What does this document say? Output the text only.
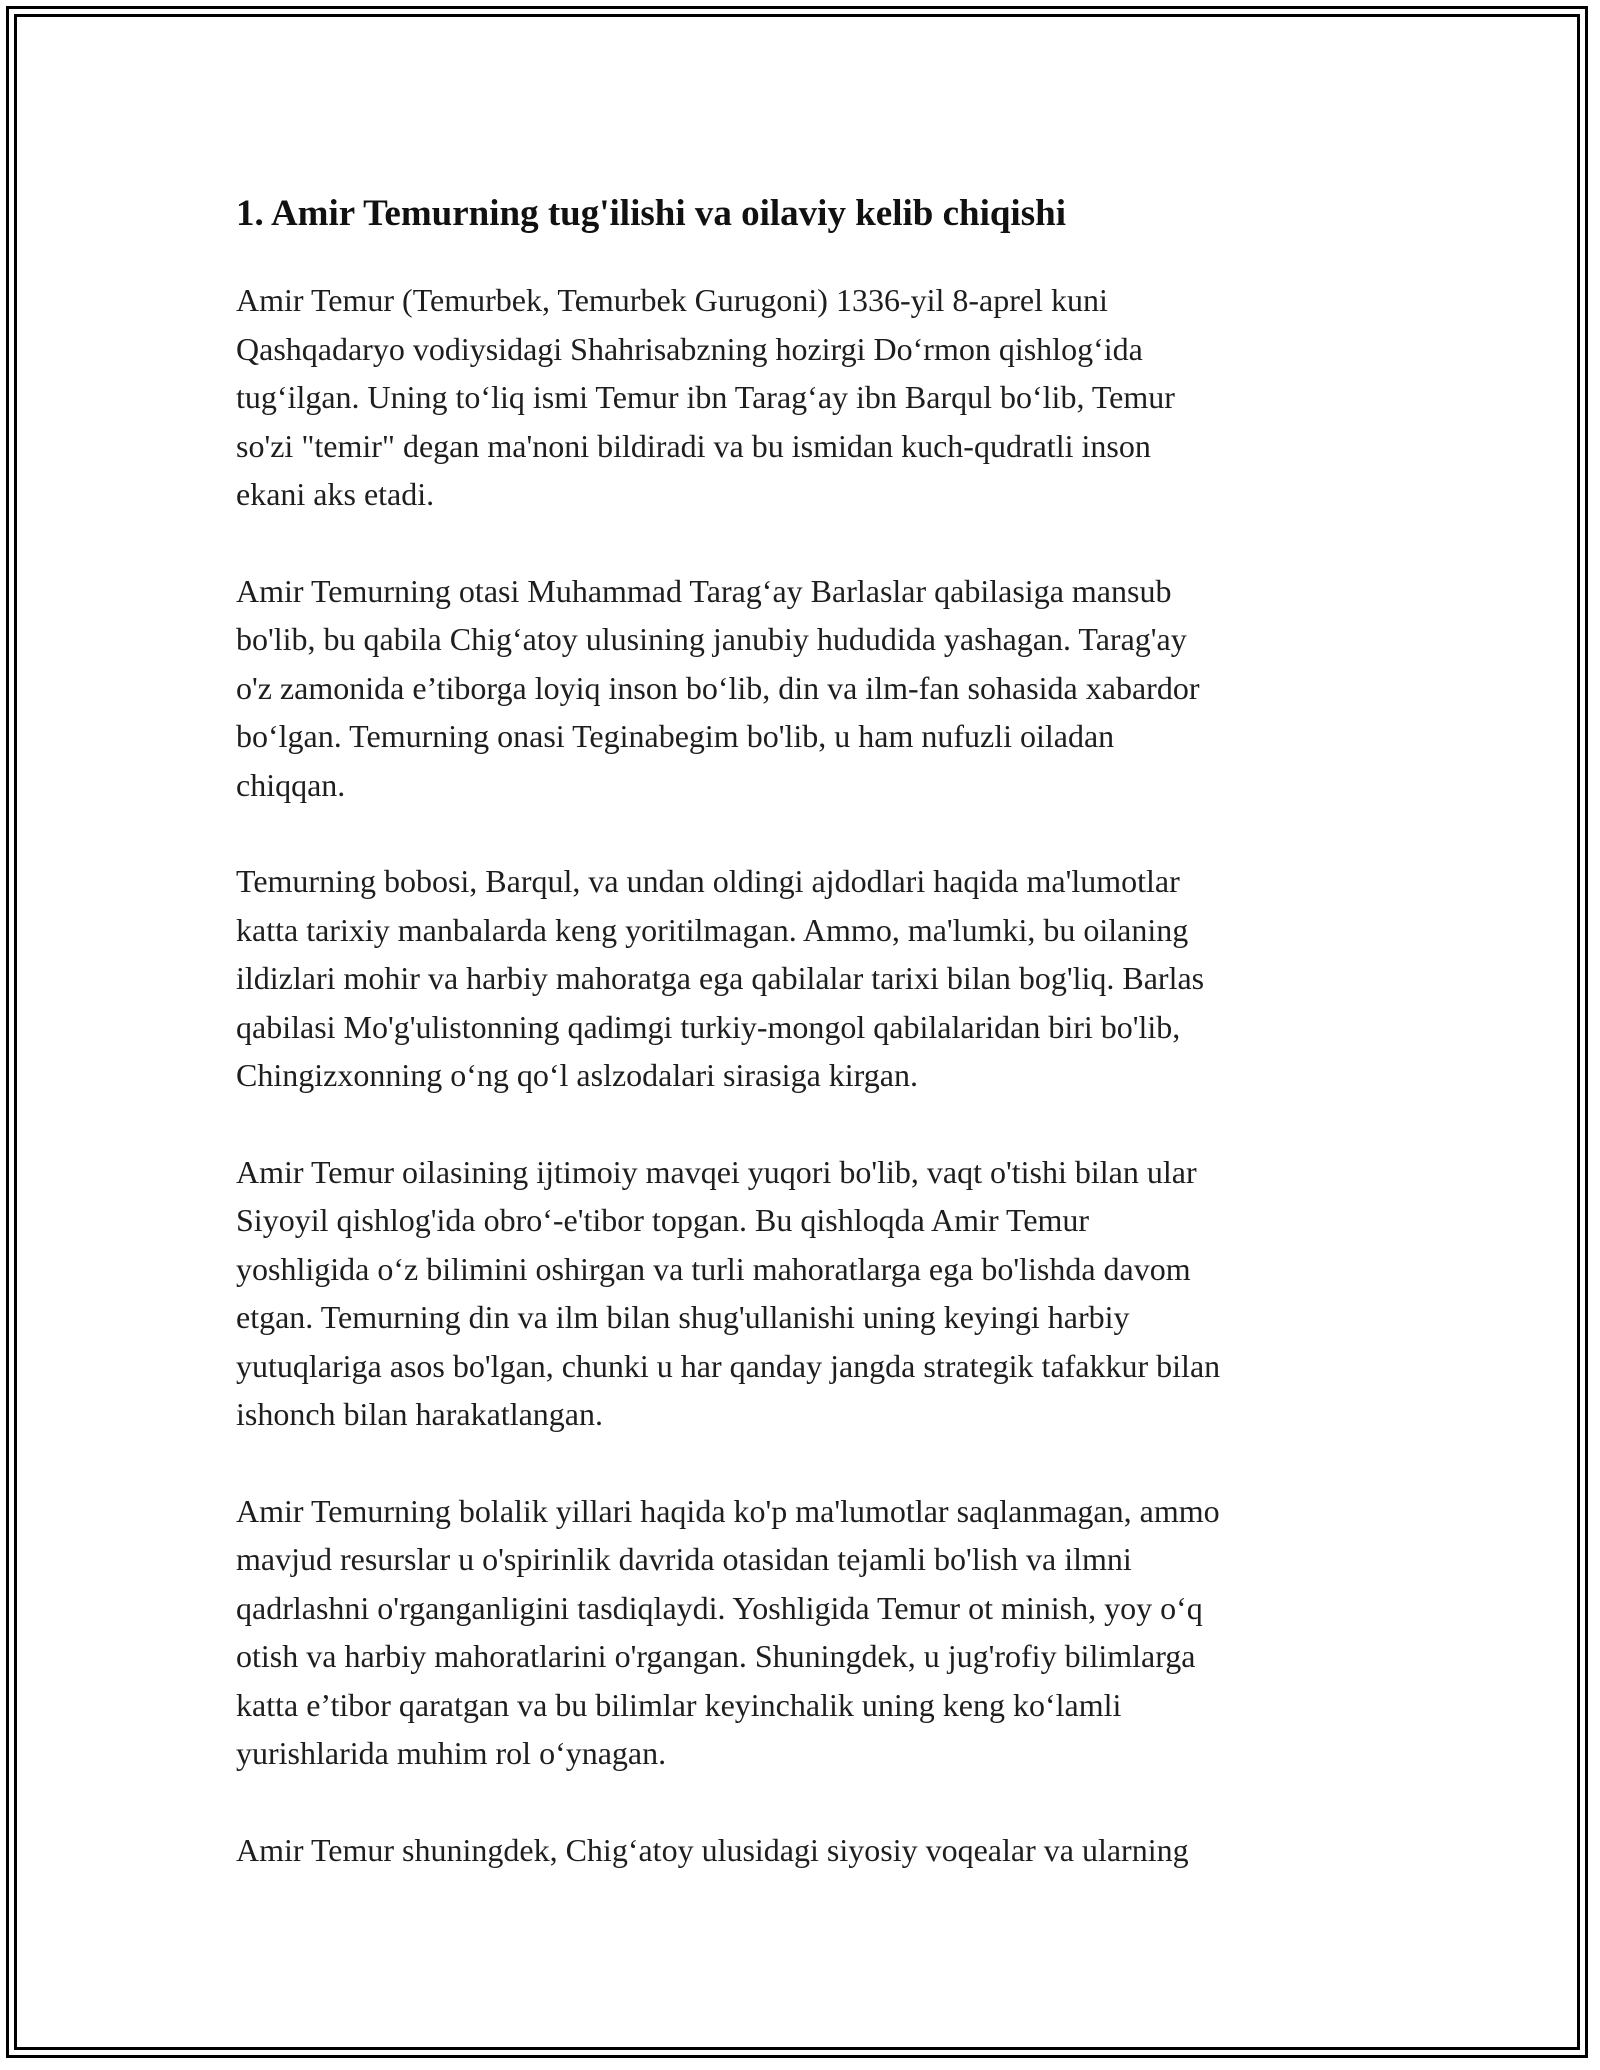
1. Amir Temurning tug'ilishi va oilaviy kelib chiqishi

Amir Temur (Temurbek, Temurbek Gurugoni) 1336-yil 8-aprel kuni
Qashqadaryo vodiysidagi Shahrisabzning hozirgi Doʻrmon qishlogʻida
tugʻilgan. Uning toʻliq ismi Temur ibn Taragʻay ibn Barqul boʻlib, Temur
so'zi "temir" degan ma'noni bildiradi va bu ismidan kuch-qudratli inson
ekani aks etadi.

Amir Temurning otasi Muhammad Taragʻay Barlaslar qabilasiga mansub
bo'lib, bu qabila Chigʻatoy ulusining janubiy hududida yashagan. Tarag'ay
o'z zamonida e’tiborga loyiq inson boʻlib, din va ilm-fan sohasida xabardor
boʻlgan. Temurning onasi Teginabegim bo'lib, u ham nufuzli oiladan
chiqqan.

Temurning bobosi, Barqul, va undan oldingi ajdodlari haqida ma'lumotlar
katta tarixiy manbalarda keng yoritilmagan. Ammo, ma'lumki, bu oilaning
ildizlari mohir va harbiy mahoratga ega qabilalar tarixi bilan bog'liq. Barlas
qabilasi Mo'g'ulistonning qadimgi turkiy-mongol qabilalaridan biri bo'lib,
Chingizxonning oʻng qoʻl aslzodalari sirasiga kirgan.

Amir Temur oilasining ijtimoiy mavqei yuqori bo'lib, vaqt o'tishi bilan ular
Siyoyil qishlog'ida obroʻ-e'tibor topgan. Bu qishloqda Amir Temur
yoshligida oʻz bilimini oshirgan va turli mahoratlarga ega bo'lishda davom
etgan. Temurning din va ilm bilan shug'ullanishi uning keyingi harbiy
yutuqlariga asos bo'lgan, chunki u har qanday jangda strategik tafakkur bilan
ishonch bilan harakatlangan.

Amir Temurning bolalik yillari haqida ko'p ma'lumotlar saqlanmagan, ammo
mavjud resurslar u o'spirinlik davrida otasidan tejamli bo'lish va ilmni
qadrlashni o'rganganligini tasdiqlaydi. Yoshligida Temur ot minish, yoy oʻq
otish va harbiy mahoratlarini o'rgangan. Shuningdek, u jug'rofiy bilimlarga
katta e’tibor qaratgan va bu bilimlar keyinchalik uning keng koʻlamli
yurishlarida muhim rol oʻynagan.

Amir Temur shuningdek, Chigʻatoy ulusidagi siyosiy voqealar va ularning
